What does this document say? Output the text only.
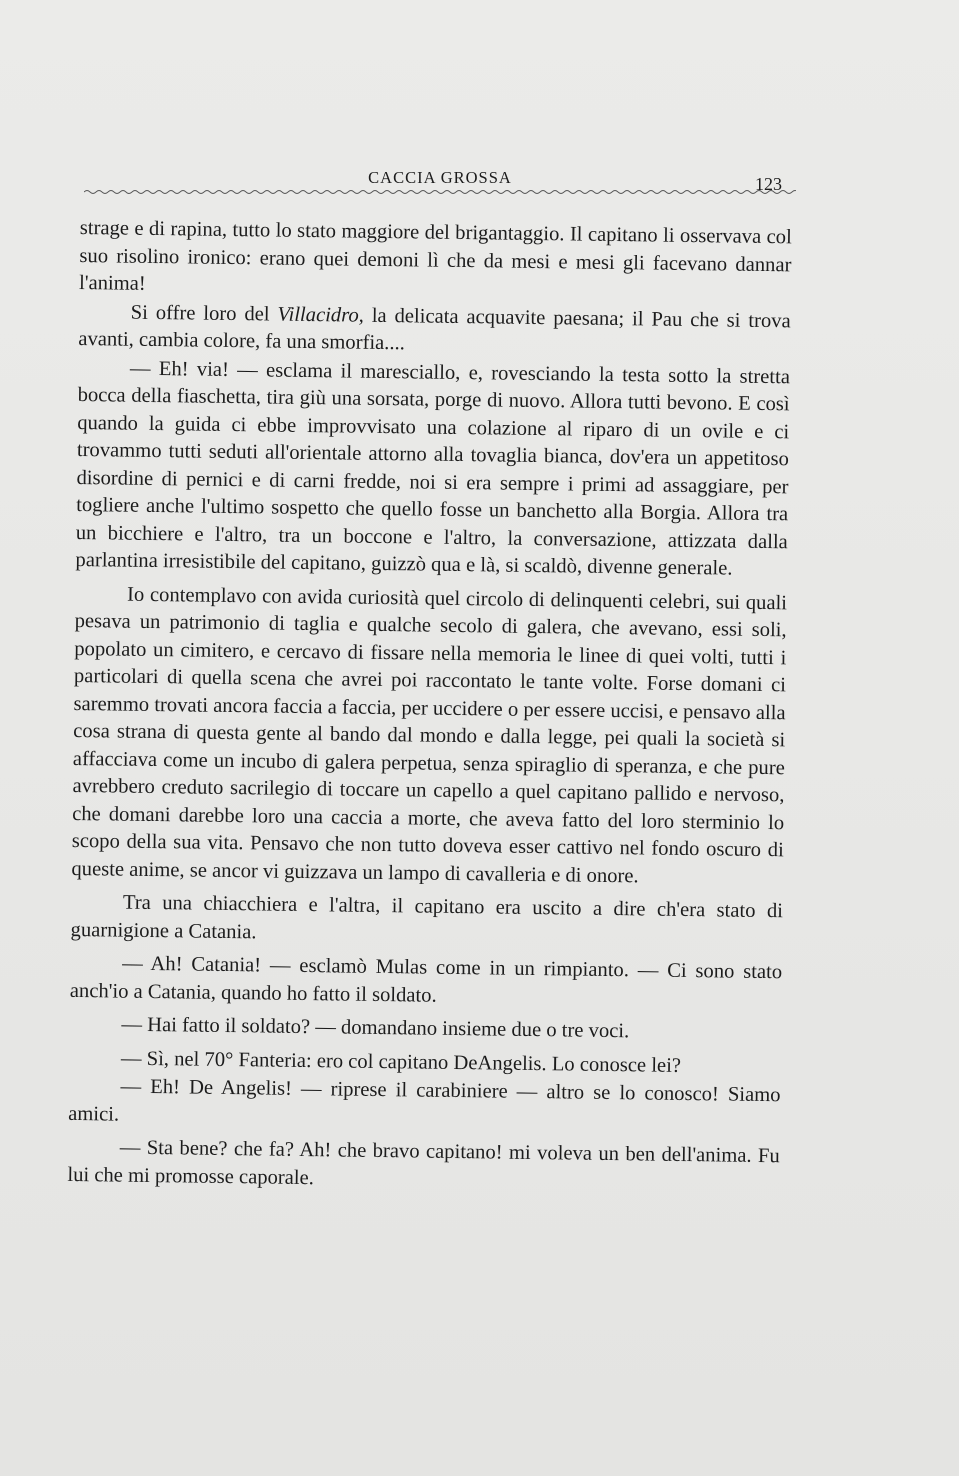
CACCIA GROSSA	123

strage e di rapina, tutto lo stato maggiore del brigantaggio. Il capitano li osservava col suo risolino ironico: erano quei demoni lì che da mesi e mesi gli facevano dannar l'anima!

Si offre loro del Villacidro, la delicata acquavite paesana; il Pau che si trova avanti, cambia colore, fa una smorfia....

— Eh! via! — esclama il maresciallo, e, rovesciando la testa sotto la stretta bocca della fiaschetta, tira giù una sorsata, porge di nuovo. Allora tutti bevono. E così quando la guida ci ebbe improvvisato una colazione al riparo di un ovile e ci trovammo tutti seduti all'orientale attorno alla tovaglia bianca, dov'era un appetitoso disordine di pernici e di carni fredde, noi si era sempre i primi ad assaggiare, per togliere anche l'ultimo sospetto che quello fosse un banchetto alla Borgia. Allora tra un bicchiere e l'altro, tra un boccone e l'altro, la conversazione, attizzata dalla parlantina irresistibile del capitano, guizzò qua e là, si scaldò, divenne generale.

Io contemplavo con avida curiosità quel circolo di delinquenti celebri, sui quali pesava un patrimonio di taglia e qualche secolo di galera, che avevano, essi soli, popolato un cimitero, e cercavo di fissare nella memoria le linee di quei volti, tutti i particolari di quella scena che avrei poi raccontato le tante volte. Forse domani ci saremmo trovati ancora faccia a faccia, per uccidere o per essere uccisi, e pensavo alla cosa strana di questa gente al bando dal mondo e dalla legge, pei quali la società si affacciava come un incubo di galera perpetua, senza spiraglio di speranza, e che pure avrebbero creduto sacrilegio di toccare un capello a quel capitano pallido e nervoso, che domani darebbe loro una caccia a morte, che aveva fatto del loro sterminio lo scopo della sua vita. Pensavo che non tutto doveva esser cattivo nel fondo oscuro di queste anime, se ancor vi guizzava un lampo di cavalleria e di onore.

Tra una chiacchiera e l'altra, il capitano era uscito a dire ch'era stato di guarnigione a Catania.

— Ah! Catania! — esclamò Mulas come in un rimpianto. — Ci sono stato anch'io a Catania, quando ho fatto il soldato.

— Hai fatto il soldato? — domandano insieme due o tre voci.

— Sì, nel 70° Fanteria: ero col capitano DeAngelis. Lo conosce lei?

— Eh! De Angelis! — riprese il carabiniere — altro se lo conosco! Siamo amici.

— Sta bene? che fa? Ah! che bravo capitano! mi voleva un ben dell'anima. Fu lui che mi promosse caporale.
